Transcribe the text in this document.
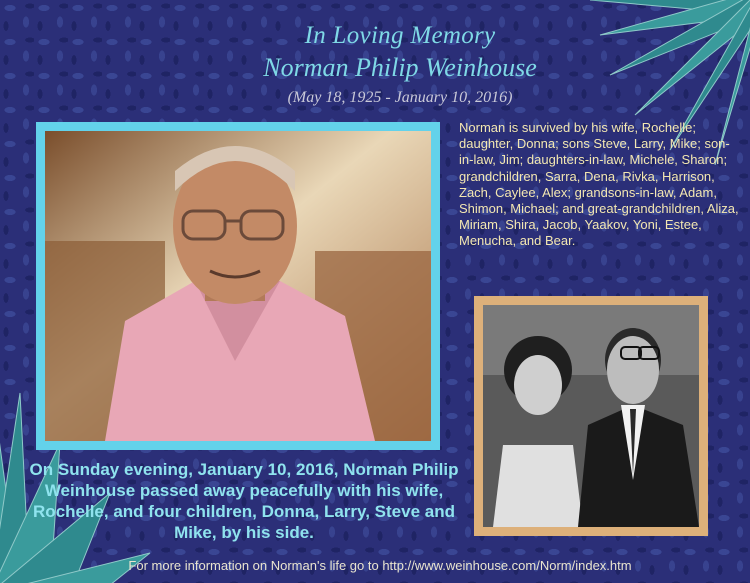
In Loving Memory
Norman Philip Weinhouse
(May 18, 1925 - January 10, 2016)
Norman is survived by his wife, Rochelle; daughter, Donna; sons Steve, Larry, Mike; son-in-law, Jim; daughters-in-law, Michele, Sharon; grandchildren, Sarra, Dena, Rivka, Harrison, Zach, Caylee, Alex; grandsons-in-law, Adam, Shimon, Michael; and great-grandchildren, Aliza, Miriam, Shira, Jacob, Yaakov, Yoni, Estee, Menucha, and Bear.
On Sunday evening, January 10, 2016, Norman Philip Weinhouse passed away peacefully with his wife, Rochelle, and four children, Donna, Larry, Steve and Mike, by his side.
For more information on Norman's life go to http://www.weinhouse.com/Norm/index.htm
